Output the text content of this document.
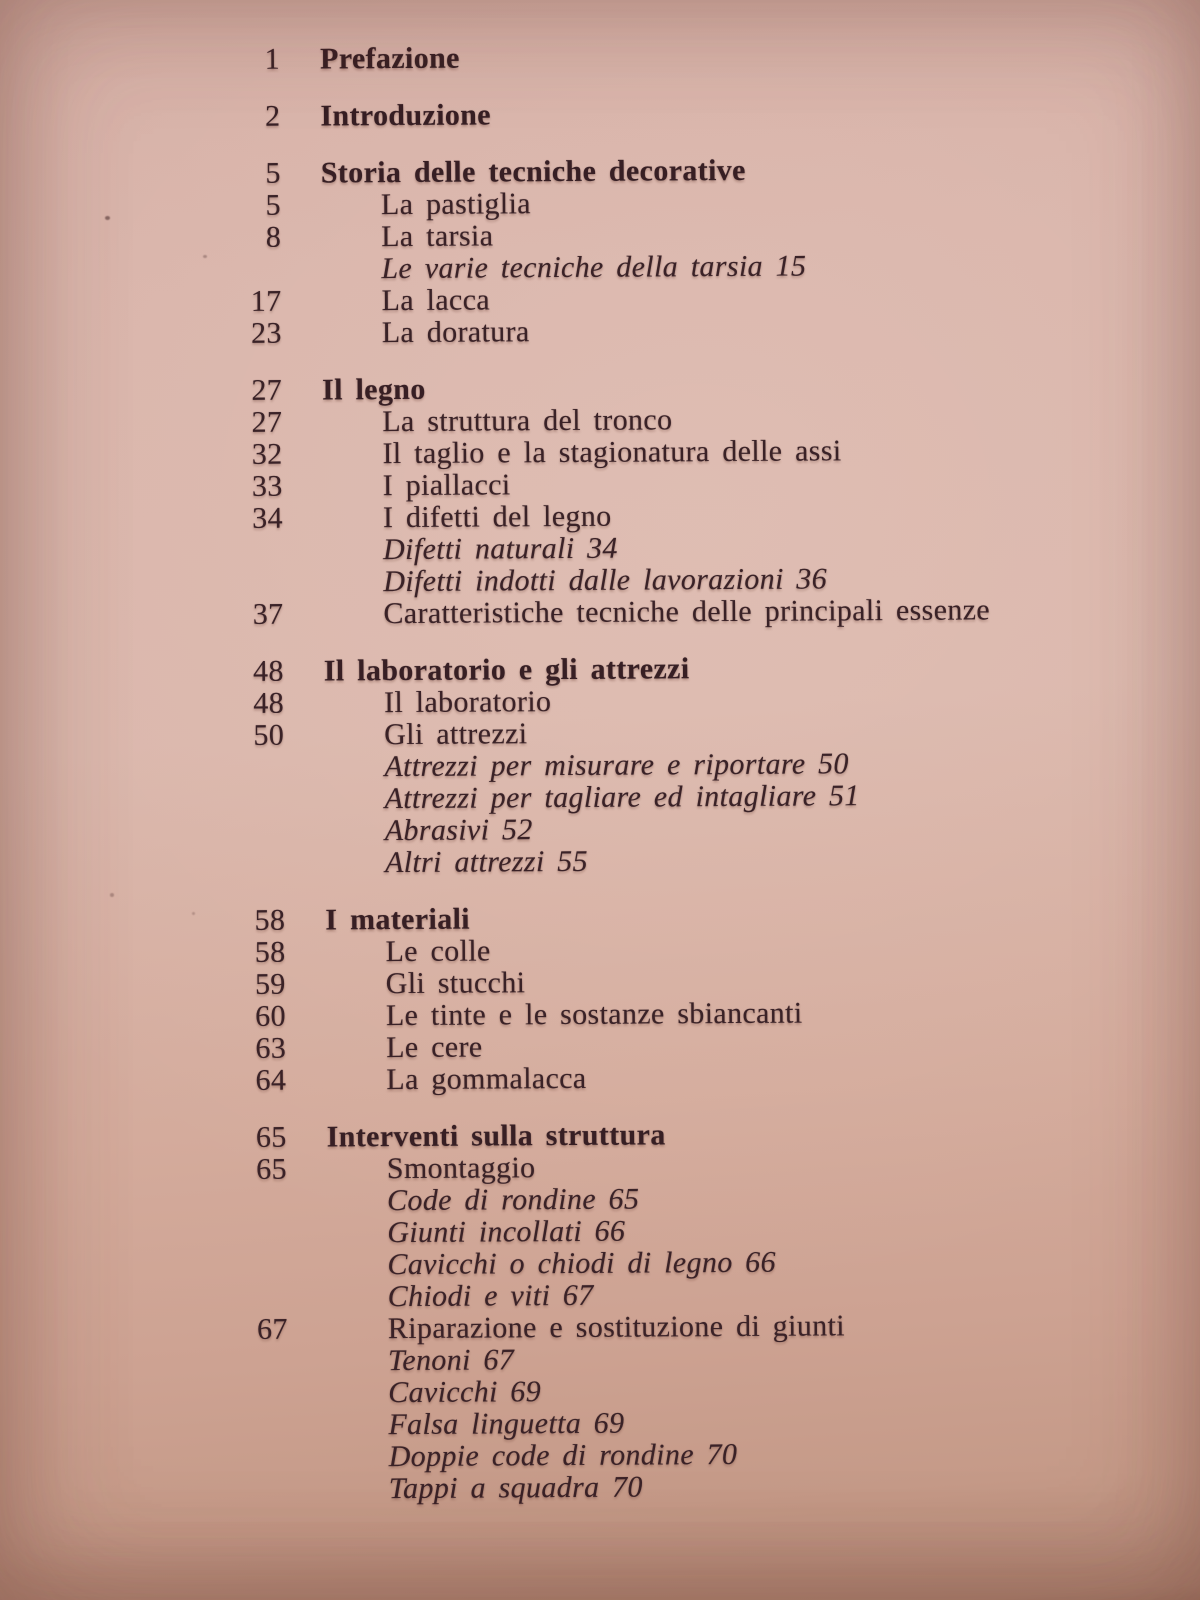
1 Prefazione
2 Introduzione
5 Storia delle tecniche decorative
5	La pastiglia
8	La tarsia
Le varie tecniche della tarsia 15
17	La lacca
23	La doratura
27 Il legno
27	La struttura del tronco
32	Il taglio e la stagionatura delle assi
33	I piallacci
34	I difetti del legno
Difetti naturali 34
Difetti indotti dalle lavorazioni 36
37	Caratteristiche tecniche delle principali essenze
48 Il laboratorio e gli attrezzi
48	Il laboratorio
50	Gli attrezzi
Attrezzi per misurare e riportare 50
Attrezzi per tagliare ed intagliare 51
Abrasivi 52
Altri attrezzi 55
58 I materiali
58	Le colle
59	Gli stucchi
60	Le tinte e le sostanze sbiancanti
63	Le cere
64	La gommalacca
65 Interventi sulla struttura
65	Smontaggio
Code di rondine 65
Giunti incollati 66
Cavicchi o chiodi di legno 66
Chiodi e viti 67
67	Riparazione e sostituzione di giunti
Tenoni 67
Cavicchi 69
Falsa linguetta 69
Doppie code di rondine 70
Tappi a squadra 70
